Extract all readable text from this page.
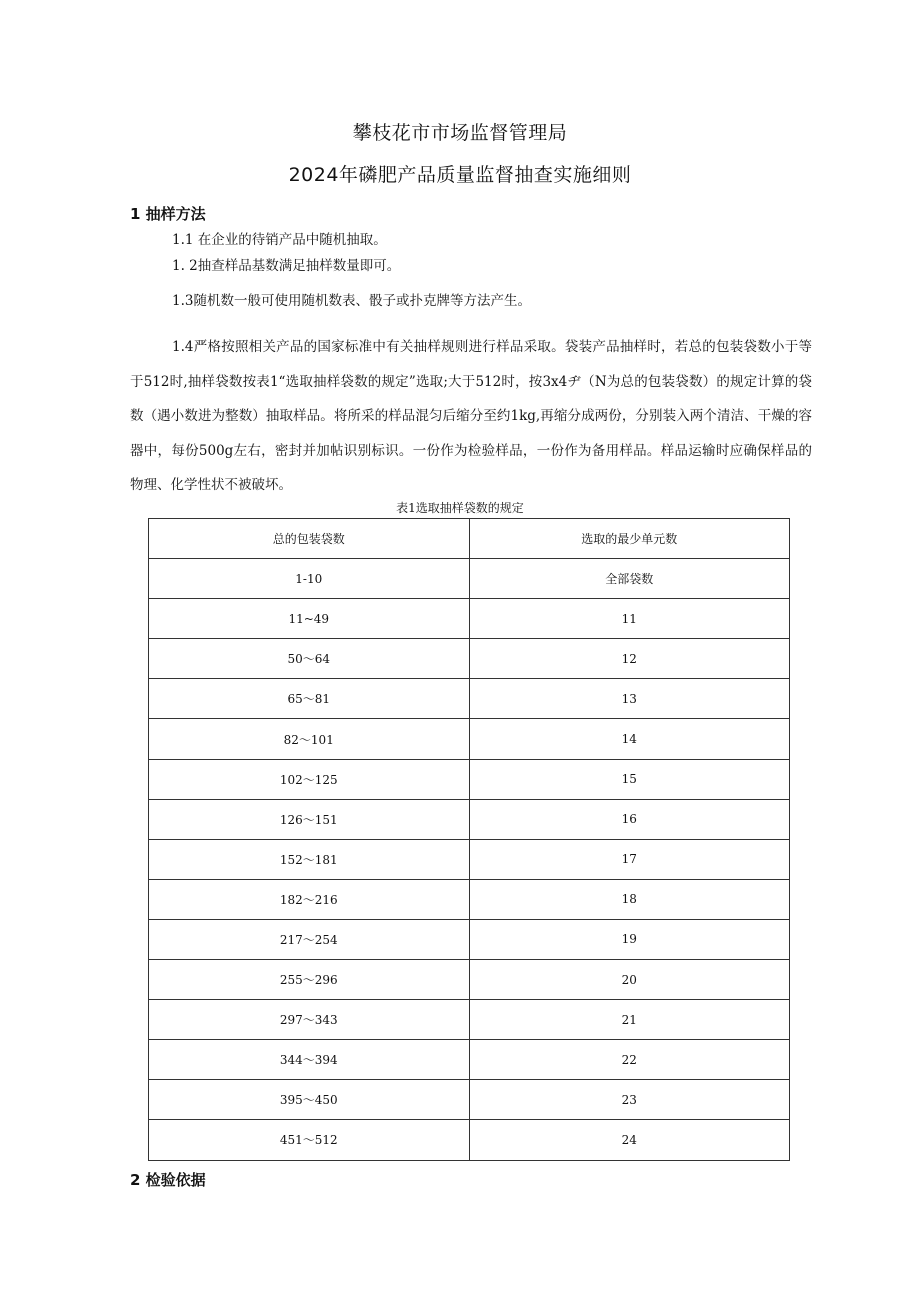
攀枝花市市场监督管理局
2024年磷肥产品质量监督抽查实施细则
1 抽样方法
1.1 在企业的待销产品中随机抽取。
1. 2抽查样品基数满足抽样数量即可。
1.3随机数一般可使用随机数表、骰子或扑克牌等方法产生。
1.4严格按照相关产品的国家标准中有关抽样规则进行样品采取。袋装产品抽样时，若总的包装袋数小于等于512时,抽样袋数按表1“选取抽样袋数的规定”选取;大于512时，按3x4ヂ（N为总的包装袋数）的规定计算的袋数（遇小数进为整数）抽取样品。将所采的样品混匀后缩分至约1kg,再缩分成两份，分别装入两个清洁、干燥的容器中，每份500g左右，密封并加帖识别标识。一份作为检验样品，一份作为备用样品。样品运输时应确保样品的物理、化学性状不被破坏。
表1选取抽样袋数的规定
总的包装袋数	选取的最少单元数
1-10	全部袋数
11~49	11
50～64	12
65～81	13
82～101	14
102～125	15
126～151	16
152～181	17
182～216	18
217～254	19
255～296	20
297～343	21
344～394	22
395～450	23
451～512	24
2 检验依据
